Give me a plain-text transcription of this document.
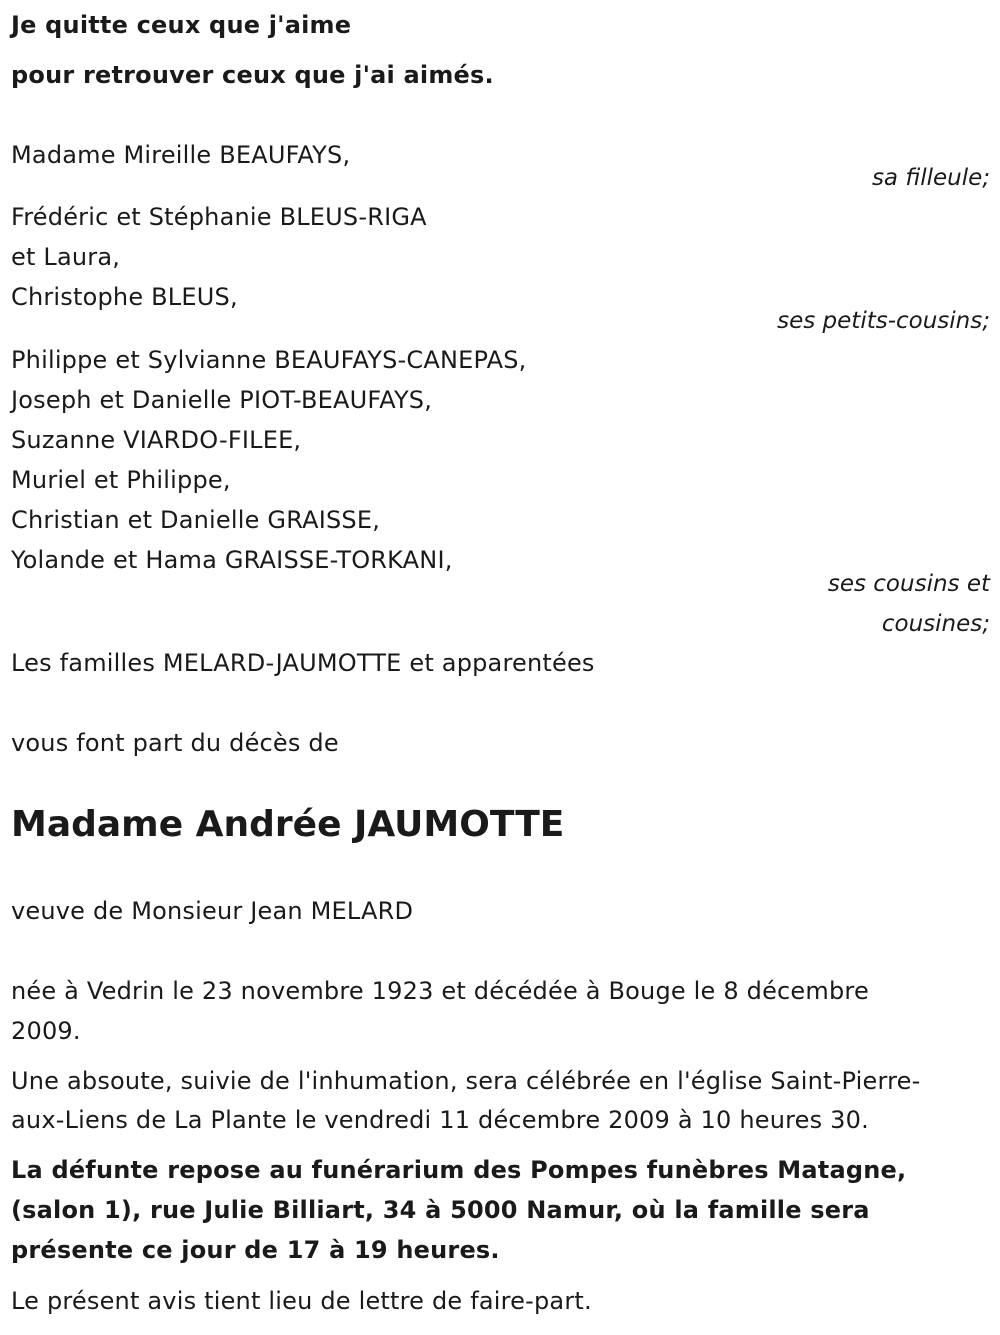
Je quitte ceux que j'aime
pour retrouver ceux que j'ai aimés.
Madame Mireille BEAUFAYS,
sa filleule;
Frédéric et Stéphanie BLEUS-RIGA
et Laura,
Christophe BLEUS,
ses petits-cousins;
Philippe et Sylvianne BEAUFAYS-CANEPAS,
Joseph et Danielle PIOT-BEAUFAYS,
Suzanne VIARDO-FILEE,
Muriel et Philippe,
Christian et Danielle GRAISSE,
Yolande et Hama GRAISSE-TORKANI,
ses cousins et
cousines;
Les familles MELARD-JAUMOTTE et apparentées
vous font part du décès de
Madame Andrée JAUMOTTE
veuve de Monsieur Jean MELARD
née à Vedrin le 23 novembre 1923 et décédée à Bouge le 8 décembre
2009.
Une absoute, suivie de l'inhumation, sera célébrée en l'église Saint-Pierre-
aux-Liens de La Plante le vendredi 11 décembre 2009 à 10 heures 30.
La défunte repose au funérarium des Pompes funèbres Matagne,
(salon 1), rue Julie Billiart, 34 à 5000 Namur, où la famille sera
présente ce jour de 17 à 19 heures.
Le présent avis tient lieu de lettre de faire-part.
